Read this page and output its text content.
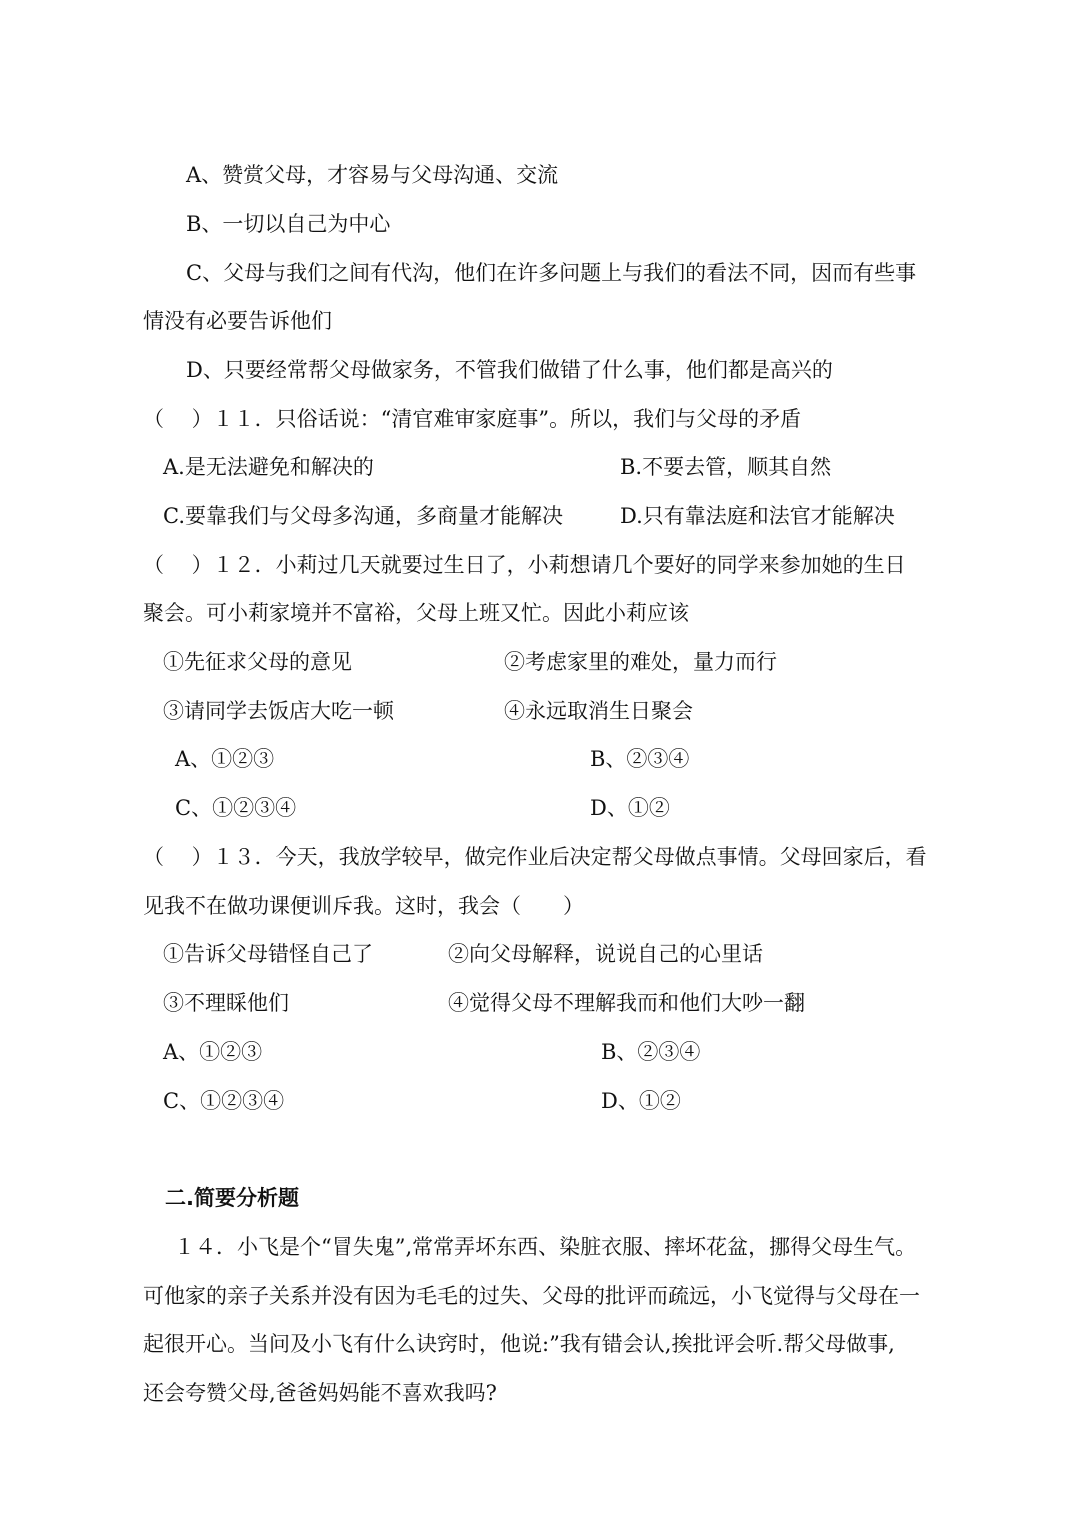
A、赞赏父母，才容易与父母沟通、交流
B、一切以自己为中心
C、父母与我们之间有代沟，他们在许多问题上与我们的看法不同，因而有些事
情没有必要告诉他们
D、只要经常帮父母做家务，不管我们做错了什么事，他们都是高兴的
（　 ）１１．只俗话说：“清官难审家庭事”。所以，我们与父母的矛盾
A.是无法避免和解决的	B.不要去管，顺其自然
C.要靠我们与父母多沟通，多商量才能解决	D.只有靠法庭和法官才能解决
（　 ）１２．小莉过几天就要过生日了，小莉想请几个要好的同学来参加她的生日
聚会。可小莉家境并不富裕，父母上班又忙。因此小莉应该
①先征求父母的意见	②考虑家里的难处，量力而行
③请同学去饭店大吃一顿	④永远取消生日聚会
A、①②③	B、②③④
C、①②③④	D、①②
（　 ）１３．今天，我放学较早，做完作业后决定帮父母做点事情。父母回家后，看
见我不在做功课便训斥我。这时，我会（　　）
①告诉父母错怪自己了	②向父母解释，说说自己的心里话
③不理睬他们	④觉得父母不理解我而和他们大吵一翻
A、①②③	B、②③④
C、①②③④	D、①②
二.简要分析题
１４．小飞是个“冒失鬼”,常常弄坏东西、染脏衣服、摔坏花盆，挪得父母生气。
可他家的亲子关系并没有因为毛毛的过失、父母的批评而疏远，小飞觉得与父母在一
起很开心。当问及小飞有什么诀窍时，他说:”我有错会认,挨批评会听.帮父母做事,
还会夸赞父母,爸爸妈妈能不喜欢我吗?
